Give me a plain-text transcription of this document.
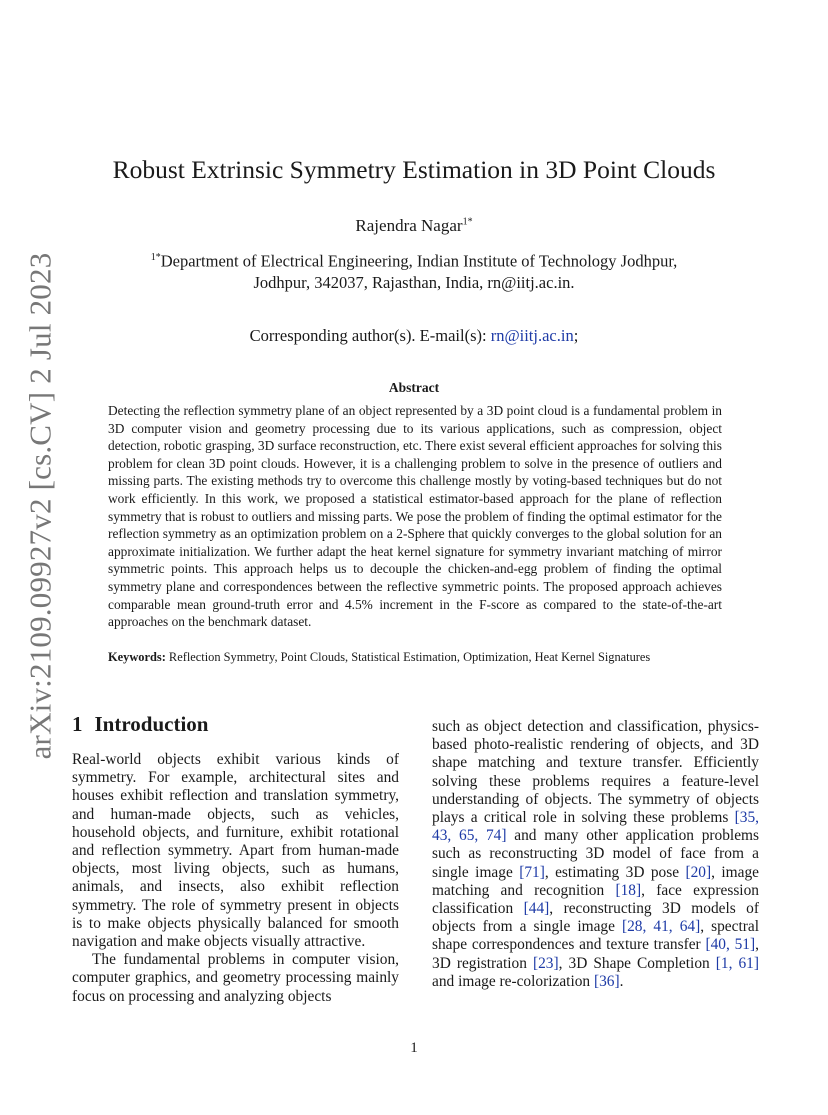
arXiv:2109.09927v2 [cs.CV] 2 Jul 2023
Robust Extrinsic Symmetry Estimation in 3D Point Clouds
Rajendra Nagar$^{1*}$
$^{1*}$Department of Electrical Engineering, Indian Institute of Technology Jodhpur,
Jodhpur, 342037, Rajasthan, India, rn@iitj.ac.in.
Corresponding author(s). E-mail(s): rn@iitj.ac.in;
Abstract
Detecting the reflection symmetry plane of an object represented by a 3D point cloud is a fundamental problem in 3D computer vision and geometry processing due to its various applications, such as compression, object detection, robotic grasping, 3D surface reconstruction, etc. There exist several efficient approaches for solving this problem for clean 3D point clouds. However, it is a challenging problem to solve in the presence of outliers and missing parts. The existing methods try to overcome this challenge mostly by voting-based techniques but do not work efficiently. In this work, we proposed a statistical estimator-based approach for the plane of reflection symmetry that is robust to outliers and missing parts. We pose the problem of finding the optimal estimator for the reflection symmetry as an optimization problem on a 2-Sphere that quickly converges to the global solution for an approximate initialization. We further adapt the heat kernel signature for symmetry invariant matching of mirror symmetric points. This approach helps us to decouple the chicken-and-egg problem of finding the optimal symmetry plane and correspondences between the reflective symmetric points. The proposed approach achieves comparable mean ground-truth error and 4.5% increment in the F-score as compared to the state-of-the-art approaches on the benchmark dataset.
Keywords: Reflection Symmetry, Point Clouds, Statistical Estimation, Optimization, Heat Kernel Signatures
1 Introduction

Real-world objects exhibit various kinds of symmetry. For example, architectural sites and houses exhibit reflection and translation symmetry, and human-made objects, such as vehicles, household objects, and furniture, exhibit rotational and reflection symmetry. Apart from human-made objects, most living objects, such as humans, animals, and insects, also exhibit reflection symmetry. The role of symmetry present in objects is to make objects physically balanced for smooth navigation and make objects visually attractive.

The fundamental problems in computer vision, computer graphics, and geometry processing mainly focus on processing and analyzing objects

such as object detection and classification, physics-based photo-realistic rendering of objects, and 3D shape matching and texture transfer. Efficiently solving these problems requires a feature-level understanding of objects. The symmetry of objects plays a critical role in solving these problems [35, 43, 65, 74] and many other application problems such as reconstructing 3D model of face from a single image [71], estimating 3D pose [20], image matching and recognition [18], face expression classification [44], reconstructing 3D models of objects from a single image [28, 41, 64], spectral shape correspondences and texture transfer [40, 51], 3D registration [23], 3D Shape Completion [1, 61] and image re-colorization [36].

1
